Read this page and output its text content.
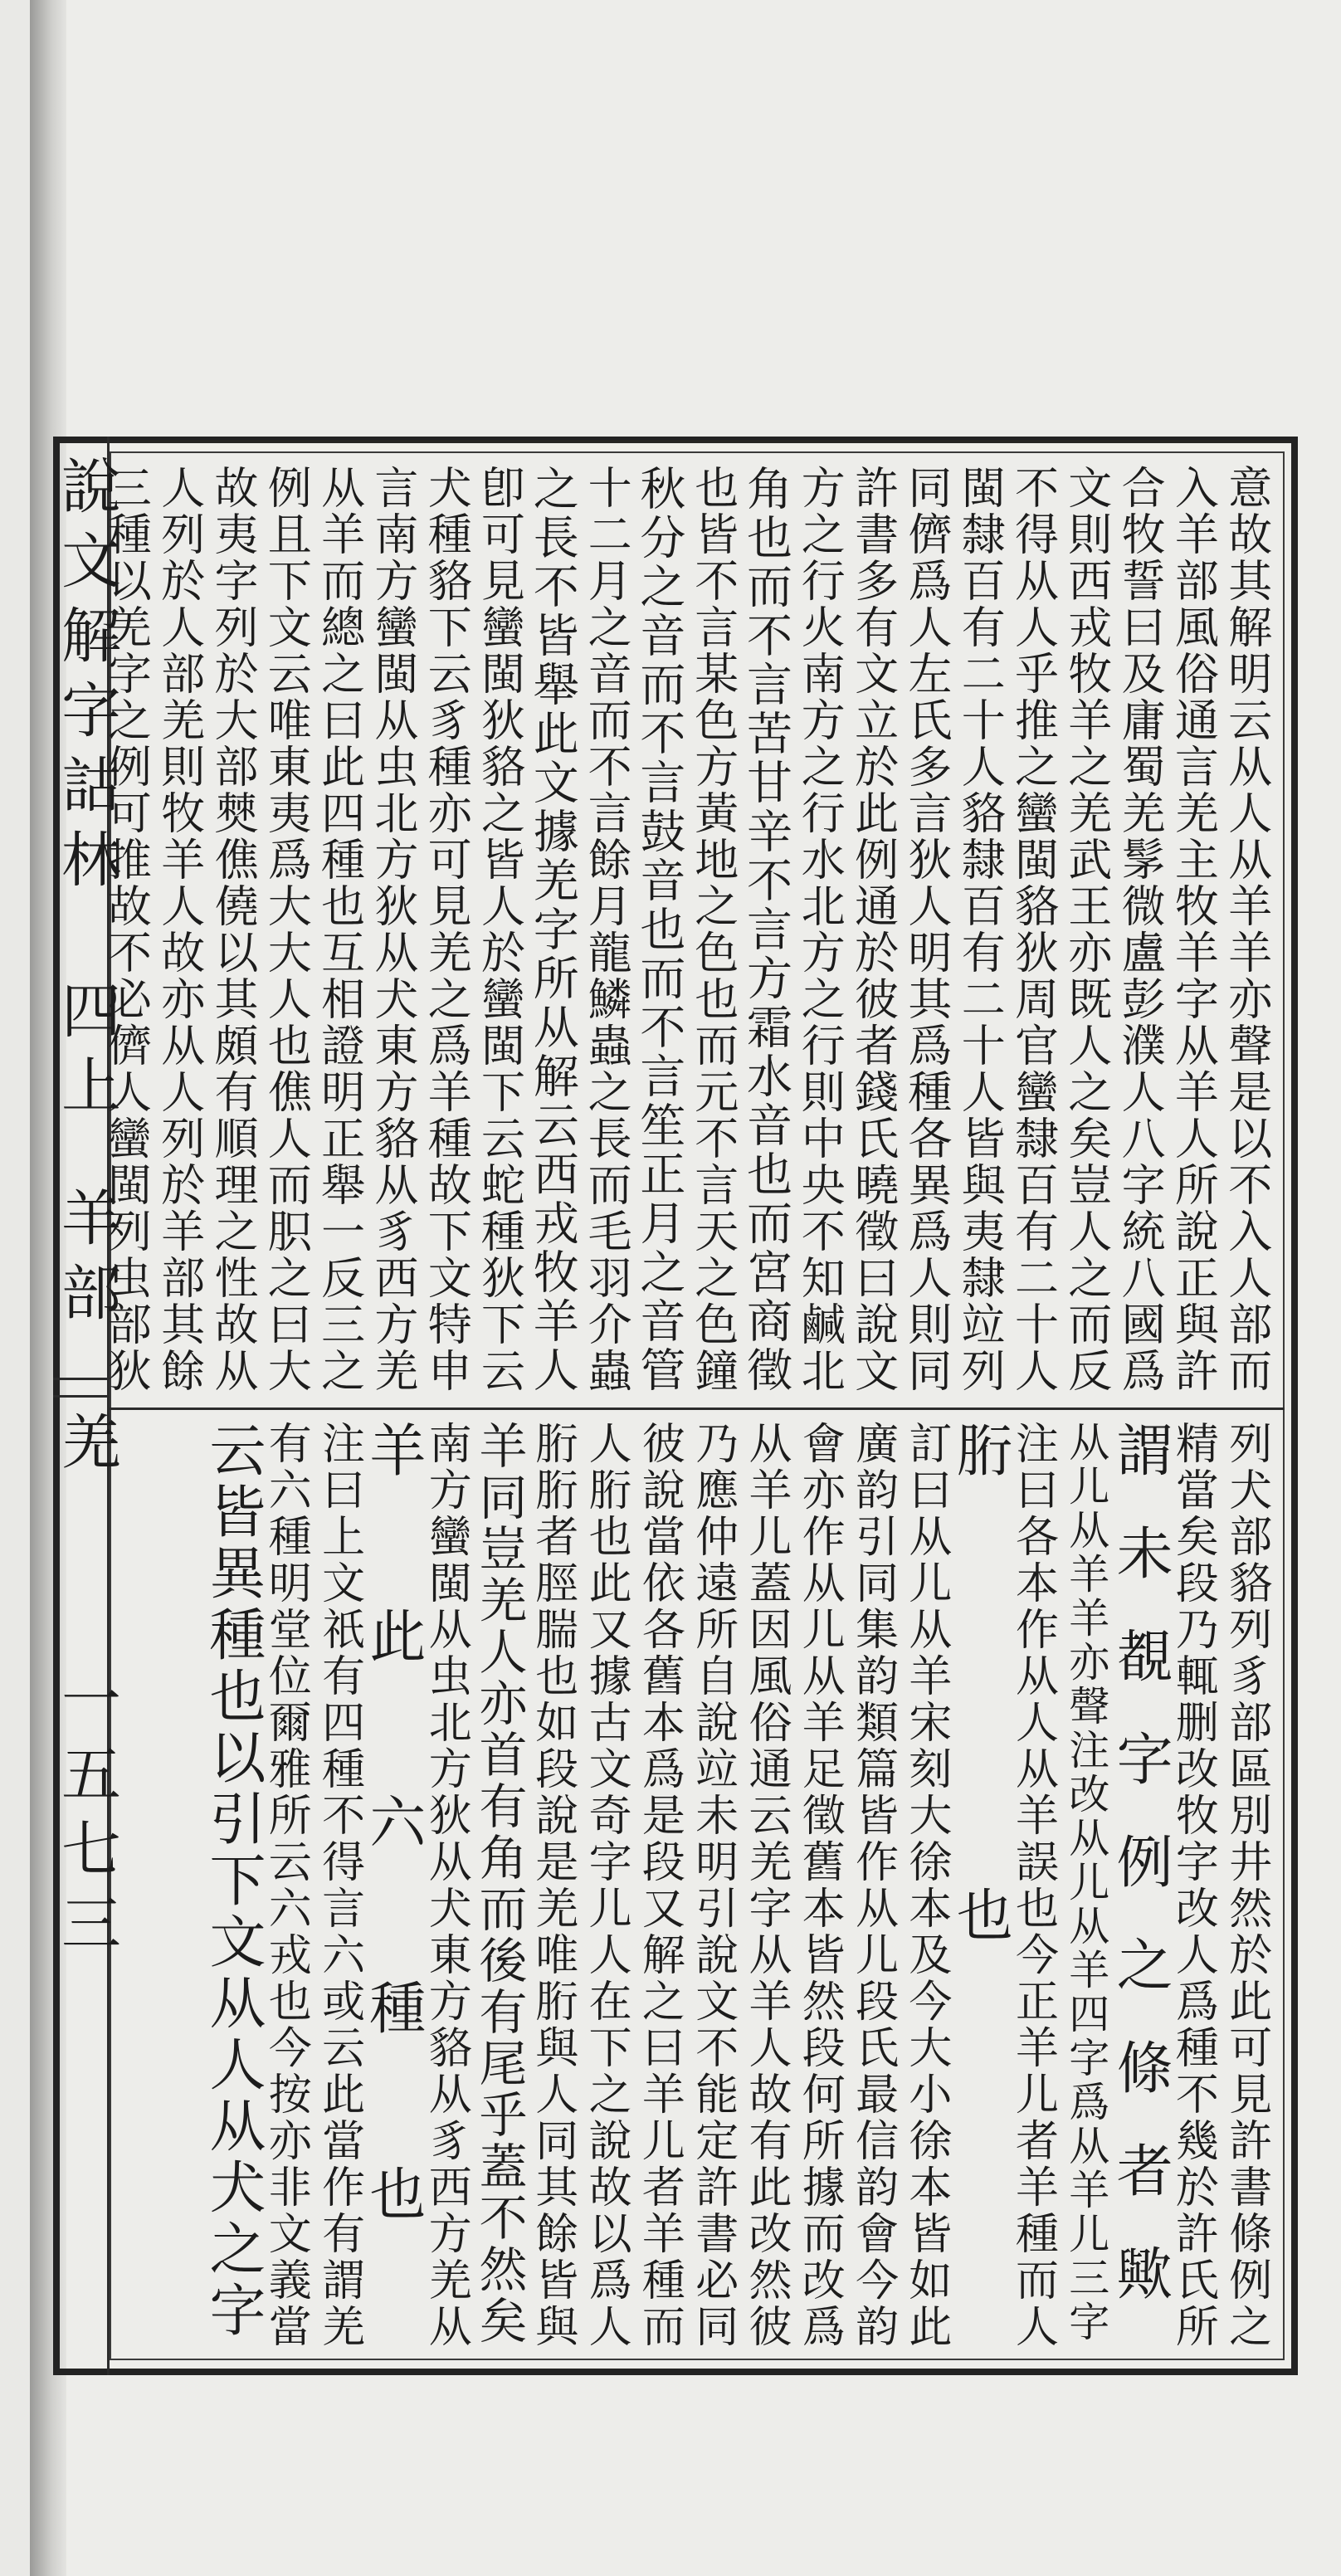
說文解字詁林
四上
羊部
羌
一五七三
意故其解明云从人从羊羊亦聲是以不入人部而
入羊部風俗通言羌主牧羊字从羊人所說正與許
合牧誓曰及庸蜀羌髳微盧彭濮人八字統八國爲
文則西戎牧羊之羌武王亦既人之矣豈人之而反
不得从人乎推之蠻閩貉狄周官蠻隸百有二十人
閩隸百有二十人貉隸百有二十人皆與夷隸竝列
同儕爲人左氏多言狄人明其爲種各異爲人則同
許書多有文立於此例通於彼者錢氏曉徵曰說文
方之行火南方之行水北方之行則中央不知鹹北
角也而不言苦甘辛不言方霜水音也而宮商徵
也皆不言某色方黃地之色也而元不言天之色鐘
秋分之音而不言鼓音也而不言笙正月之音管
十二月之音而不言餘月龍鱗蟲之長而毛羽介蟲
之長不皆舉此文據羌字所从解云西戎牧羊人
卽可見蠻閩狄貉之皆人於蠻閩下云蛇種狄下云
犬種貉下云豸種亦可見羌之爲羊種故下文特申
言南方蠻閩从虫北方狄从犬東方貉从豸西方羌
从羊而總之曰此四種也互相證明正舉一反三之
例且下文云唯東夷爲大大人也僬人而胑之曰大
故夷字列於大部僰僬僥以其頗有順理之性故从
人列於人部羌則牧羊人故亦从人列於羊部其餘
三種以羌字之例可推故不必儕人蠻閩列虫部狄
列犬部貉列豸部區別井然於此可見許書條例之
精當矣段乃輒删改牧字改人爲種不幾於許氏所
謂未覩字例之條者歟
从儿从羊羊亦聲注改从儿从羊四字爲从羊儿三字
注曰各本作从人从羊誤也今正羊儿者羊種而人
胻也
訂曰从儿从羊宋刻大徐本及今大小徐本皆如此
廣韵引同集韵類篇皆作从儿段氏最信韵會今韵
會亦作从儿从羊足徵舊本皆然段何所據而改爲
从羊儿蓋因風俗通云羌字从羊人故有此改然彼
乃應仲遠所自說竝未明引說文不能定許書必同
彼說當依各舊本爲是段又解之曰羊儿者羊種而
人胻也此又據古文奇字儿人在下之說故以爲人
胻胻者脛腨也如段說是羌唯胻與人同其餘皆與
羊同豈羌人亦首有角而後有尾乎蓋不然矣
南方蠻閩从虫北方狄从犬東方貉从豸西方羌从
羊此六種也
注曰上文祇有四種不得言六或云此當作有謂羌
有六種明堂位爾雅所云六戎也今按亦非文義當
云皆異種也以引下文从人从犬之字
